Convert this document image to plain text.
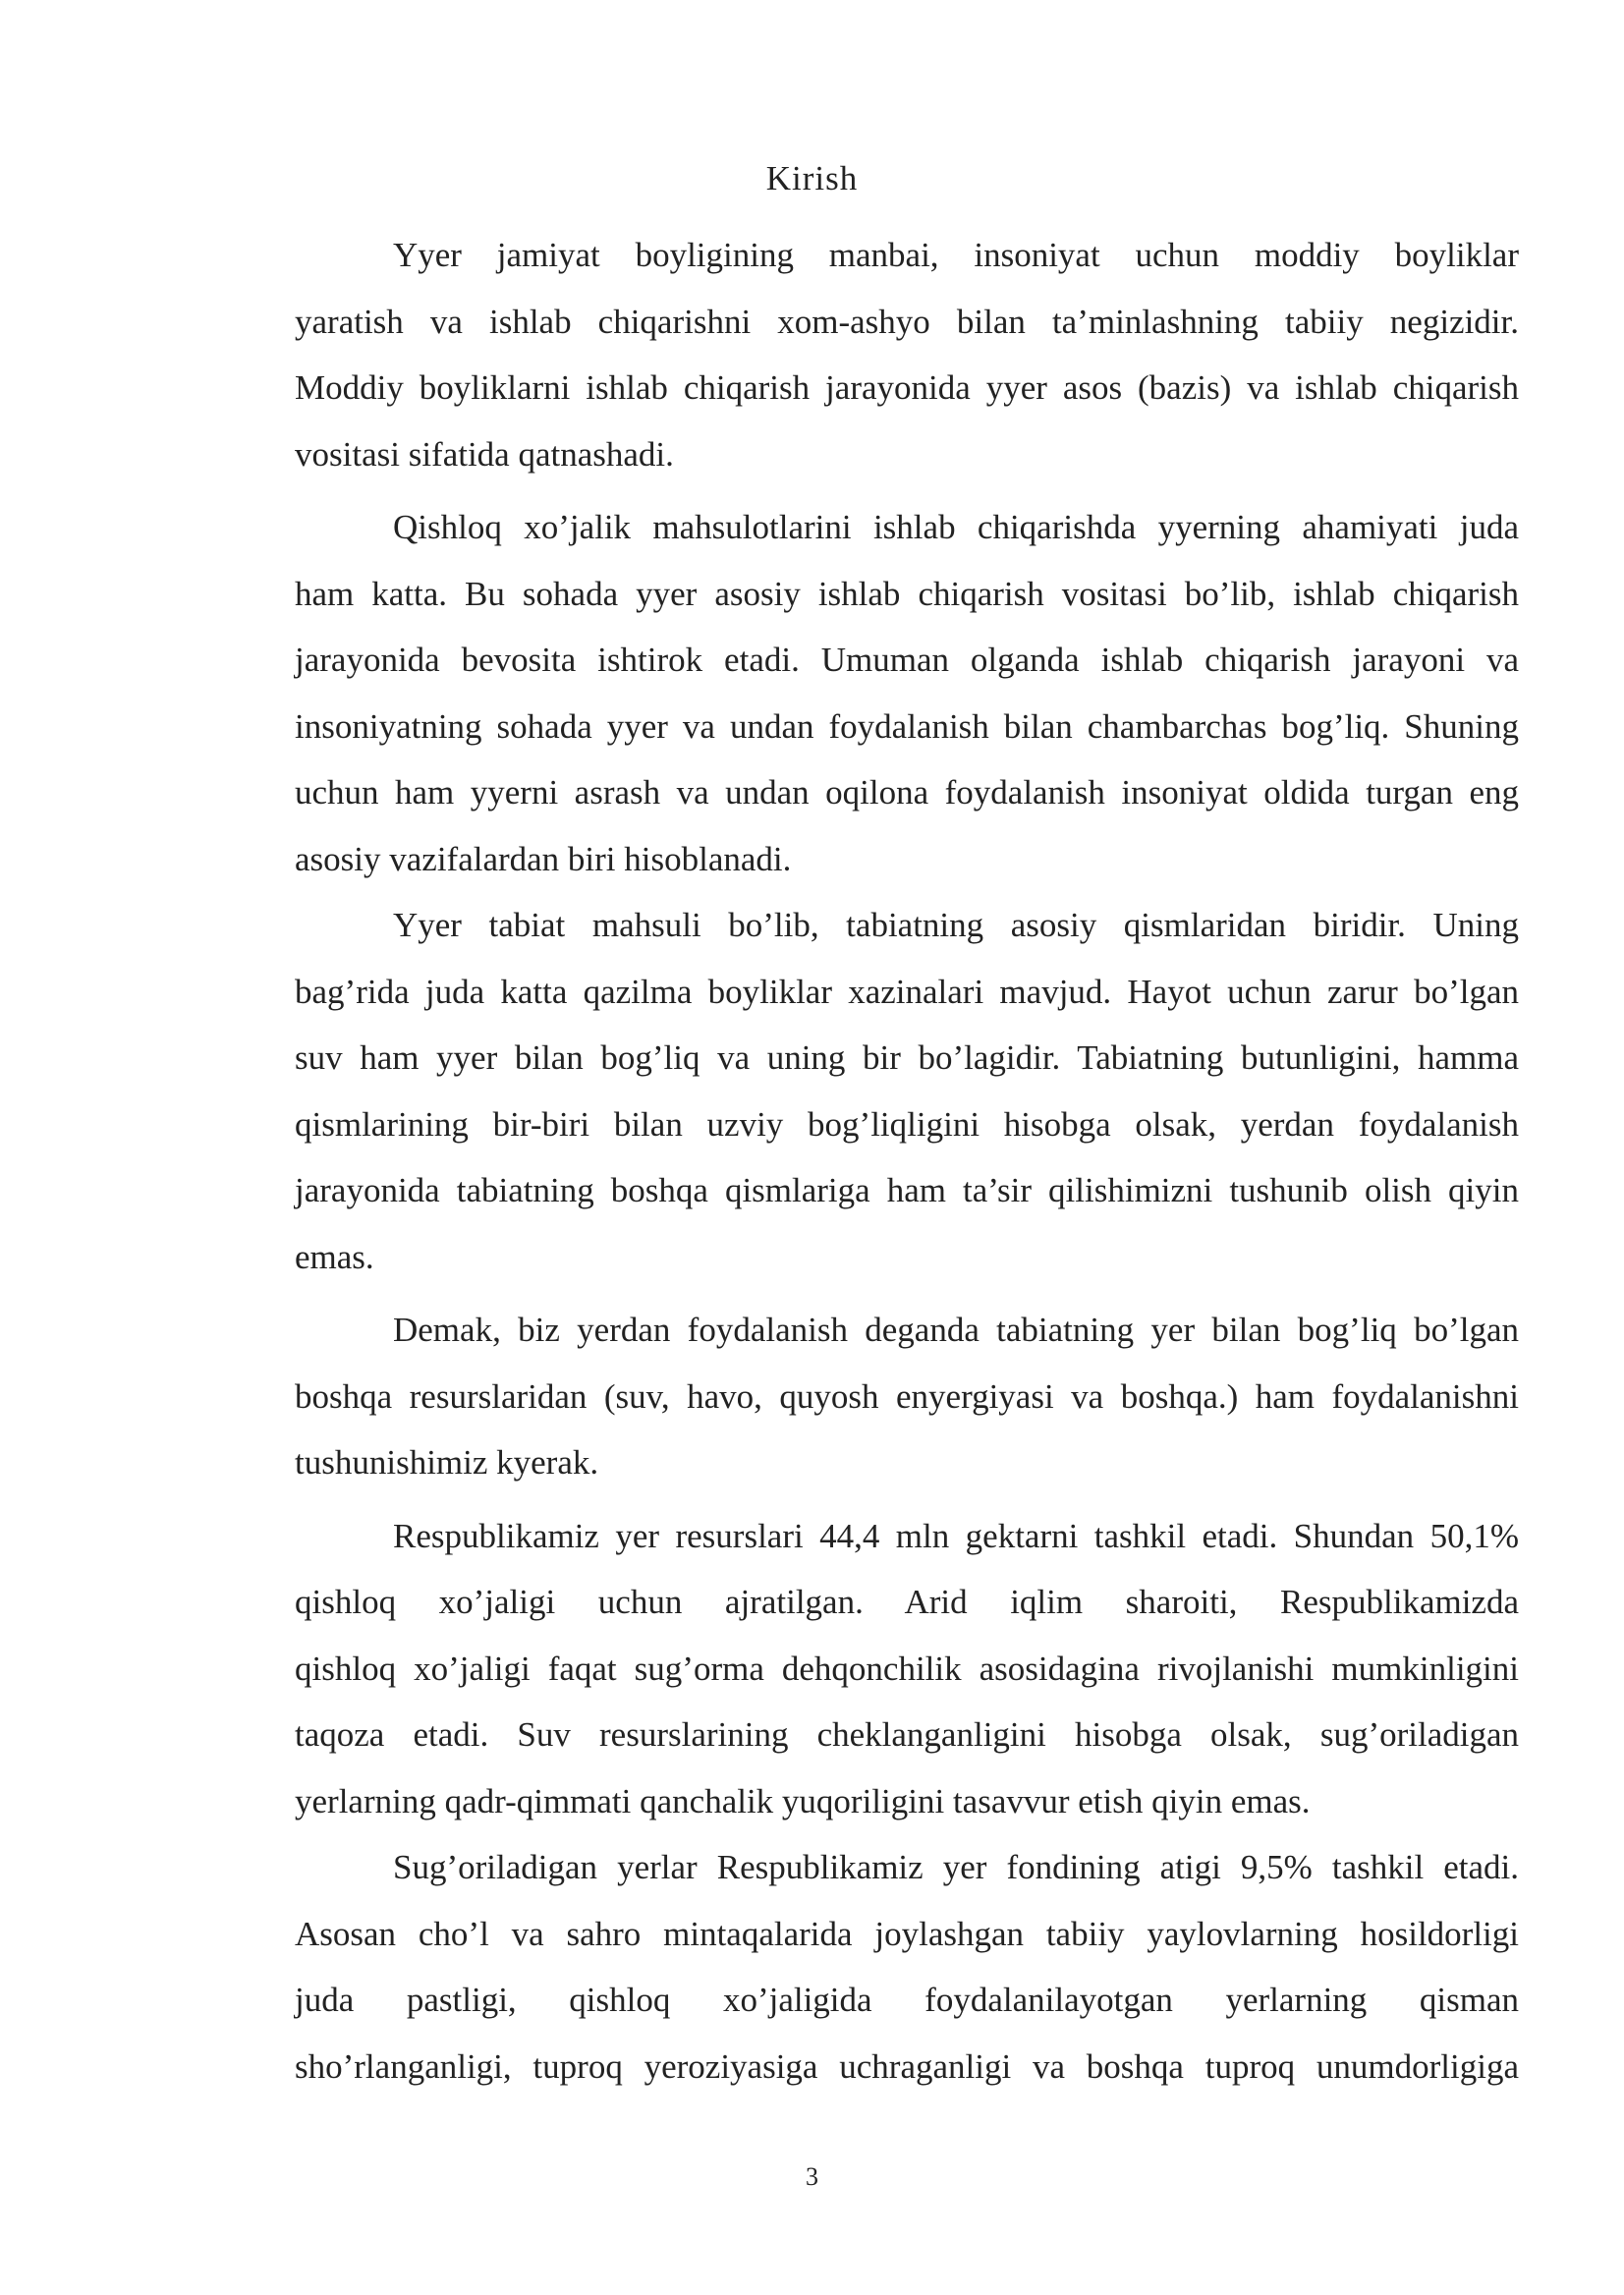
Kirish
Yyer jamiyat boyligining manbai, insoniyat uchun moddiy boyliklar
yaratish va ishlab chiqarishni xom-ashyo bilan ta’minlashning tabiiy negizidir.
Moddiy boyliklarni ishlab chiqarish jarayonida yyer asos (bazis) va ishlab chiqarish
vositasi sifatida qatnashadi.
Qishloq xo’jalik mahsulotlarini ishlab chiqarishda yyerning ahamiyati juda
ham katta. Bu sohada yyer asosiy ishlab chiqarish vositasi bo’lib, ishlab chiqarish
jarayonida bevosita ishtirok etadi. Umuman olganda ishlab chiqarish jarayoni va
insoniyatning sohada yyer va undan foydalanish bilan chambarchas bog’liq. Shuning
uchun ham yyerni asrash va undan oqilona foydalanish insoniyat oldida turgan eng
asosiy vazifalardan biri hisoblanadi.
Yyer tabiat mahsuli bo’lib, tabiatning asosiy qismlaridan biridir. Uning
bag’rida juda katta qazilma boyliklar xazinalari mavjud. Hayot uchun zarur bo’lgan
suv ham yyer bilan bog’liq va uning bir bo’lagidir. Tabiatning butunligini, hamma
qismlarining bir-biri bilan uzviy bog’liqligini hisobga olsak, yerdan foydalanish
jarayonida tabiatning boshqa qismlariga ham ta’sir qilishimizni tushunib olish qiyin
emas.
Demak, biz yerdan foydalanish deganda tabiatning yer bilan bog’liq bo’lgan
boshqa resurslaridan (suv, havo, quyosh enyergiyasi va boshqa.) ham foydalanishni
tushunishimiz kyerak.
Respublikamiz yer resurslari 44,4 mln gektarni tashkil etadi. Shundan 50,1%
qishloq xo’jaligi uchun ajratilgan. Arid iqlim sharoiti, Respublikamizda
qishloq xo’jaligi faqat sug’orma dehqonchilik asosidagina rivojlanishi mumkinligini
taqoza etadi. Suv resurslarining cheklanganligini hisobga olsak, sug’oriladigan
yerlarning qadr-qimmati qanchalik yuqoriligini tasavvur etish qiyin emas.
Sug’oriladigan yerlar Respublikamiz yer fondining atigi 9,5% tashkil etadi.
Asosan cho’l va sahro mintaqalarida joylashgan tabiiy yaylovlarning hosildorligi
juda pastligi, qishloq xo’jaligida foydalanilayotgan yerlarning qisman
sho’rlanganligi, tuproq yeroziyasiga uchraganligi va boshqa tuproq unumdorligiga
3
